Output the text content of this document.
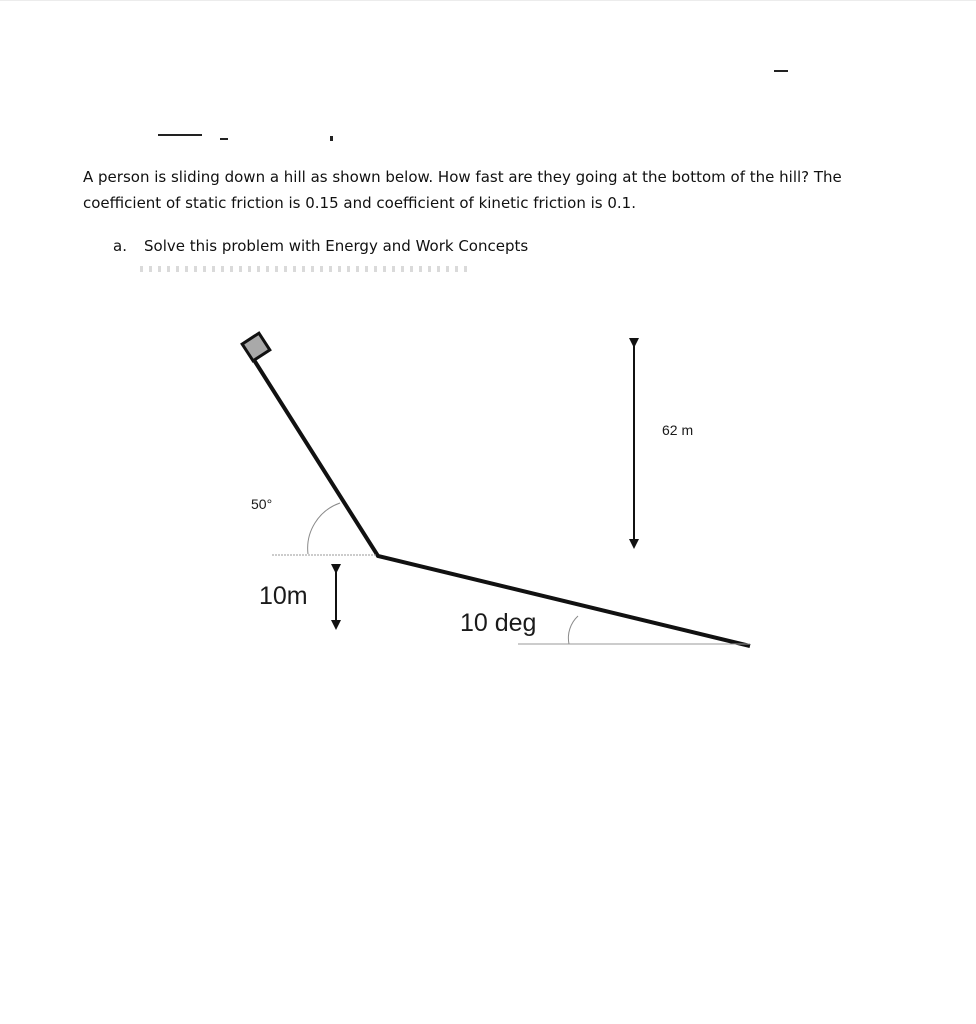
A person is sliding down a hill as shown below. How fast are they going at the bottom of the hill? The

coefficient of static friction is 0.15 and coefficient of kinetic friction is 0.1.

a. Solve this problem with Energy and Work Concepts
50°
10 deg
10m
62 m
